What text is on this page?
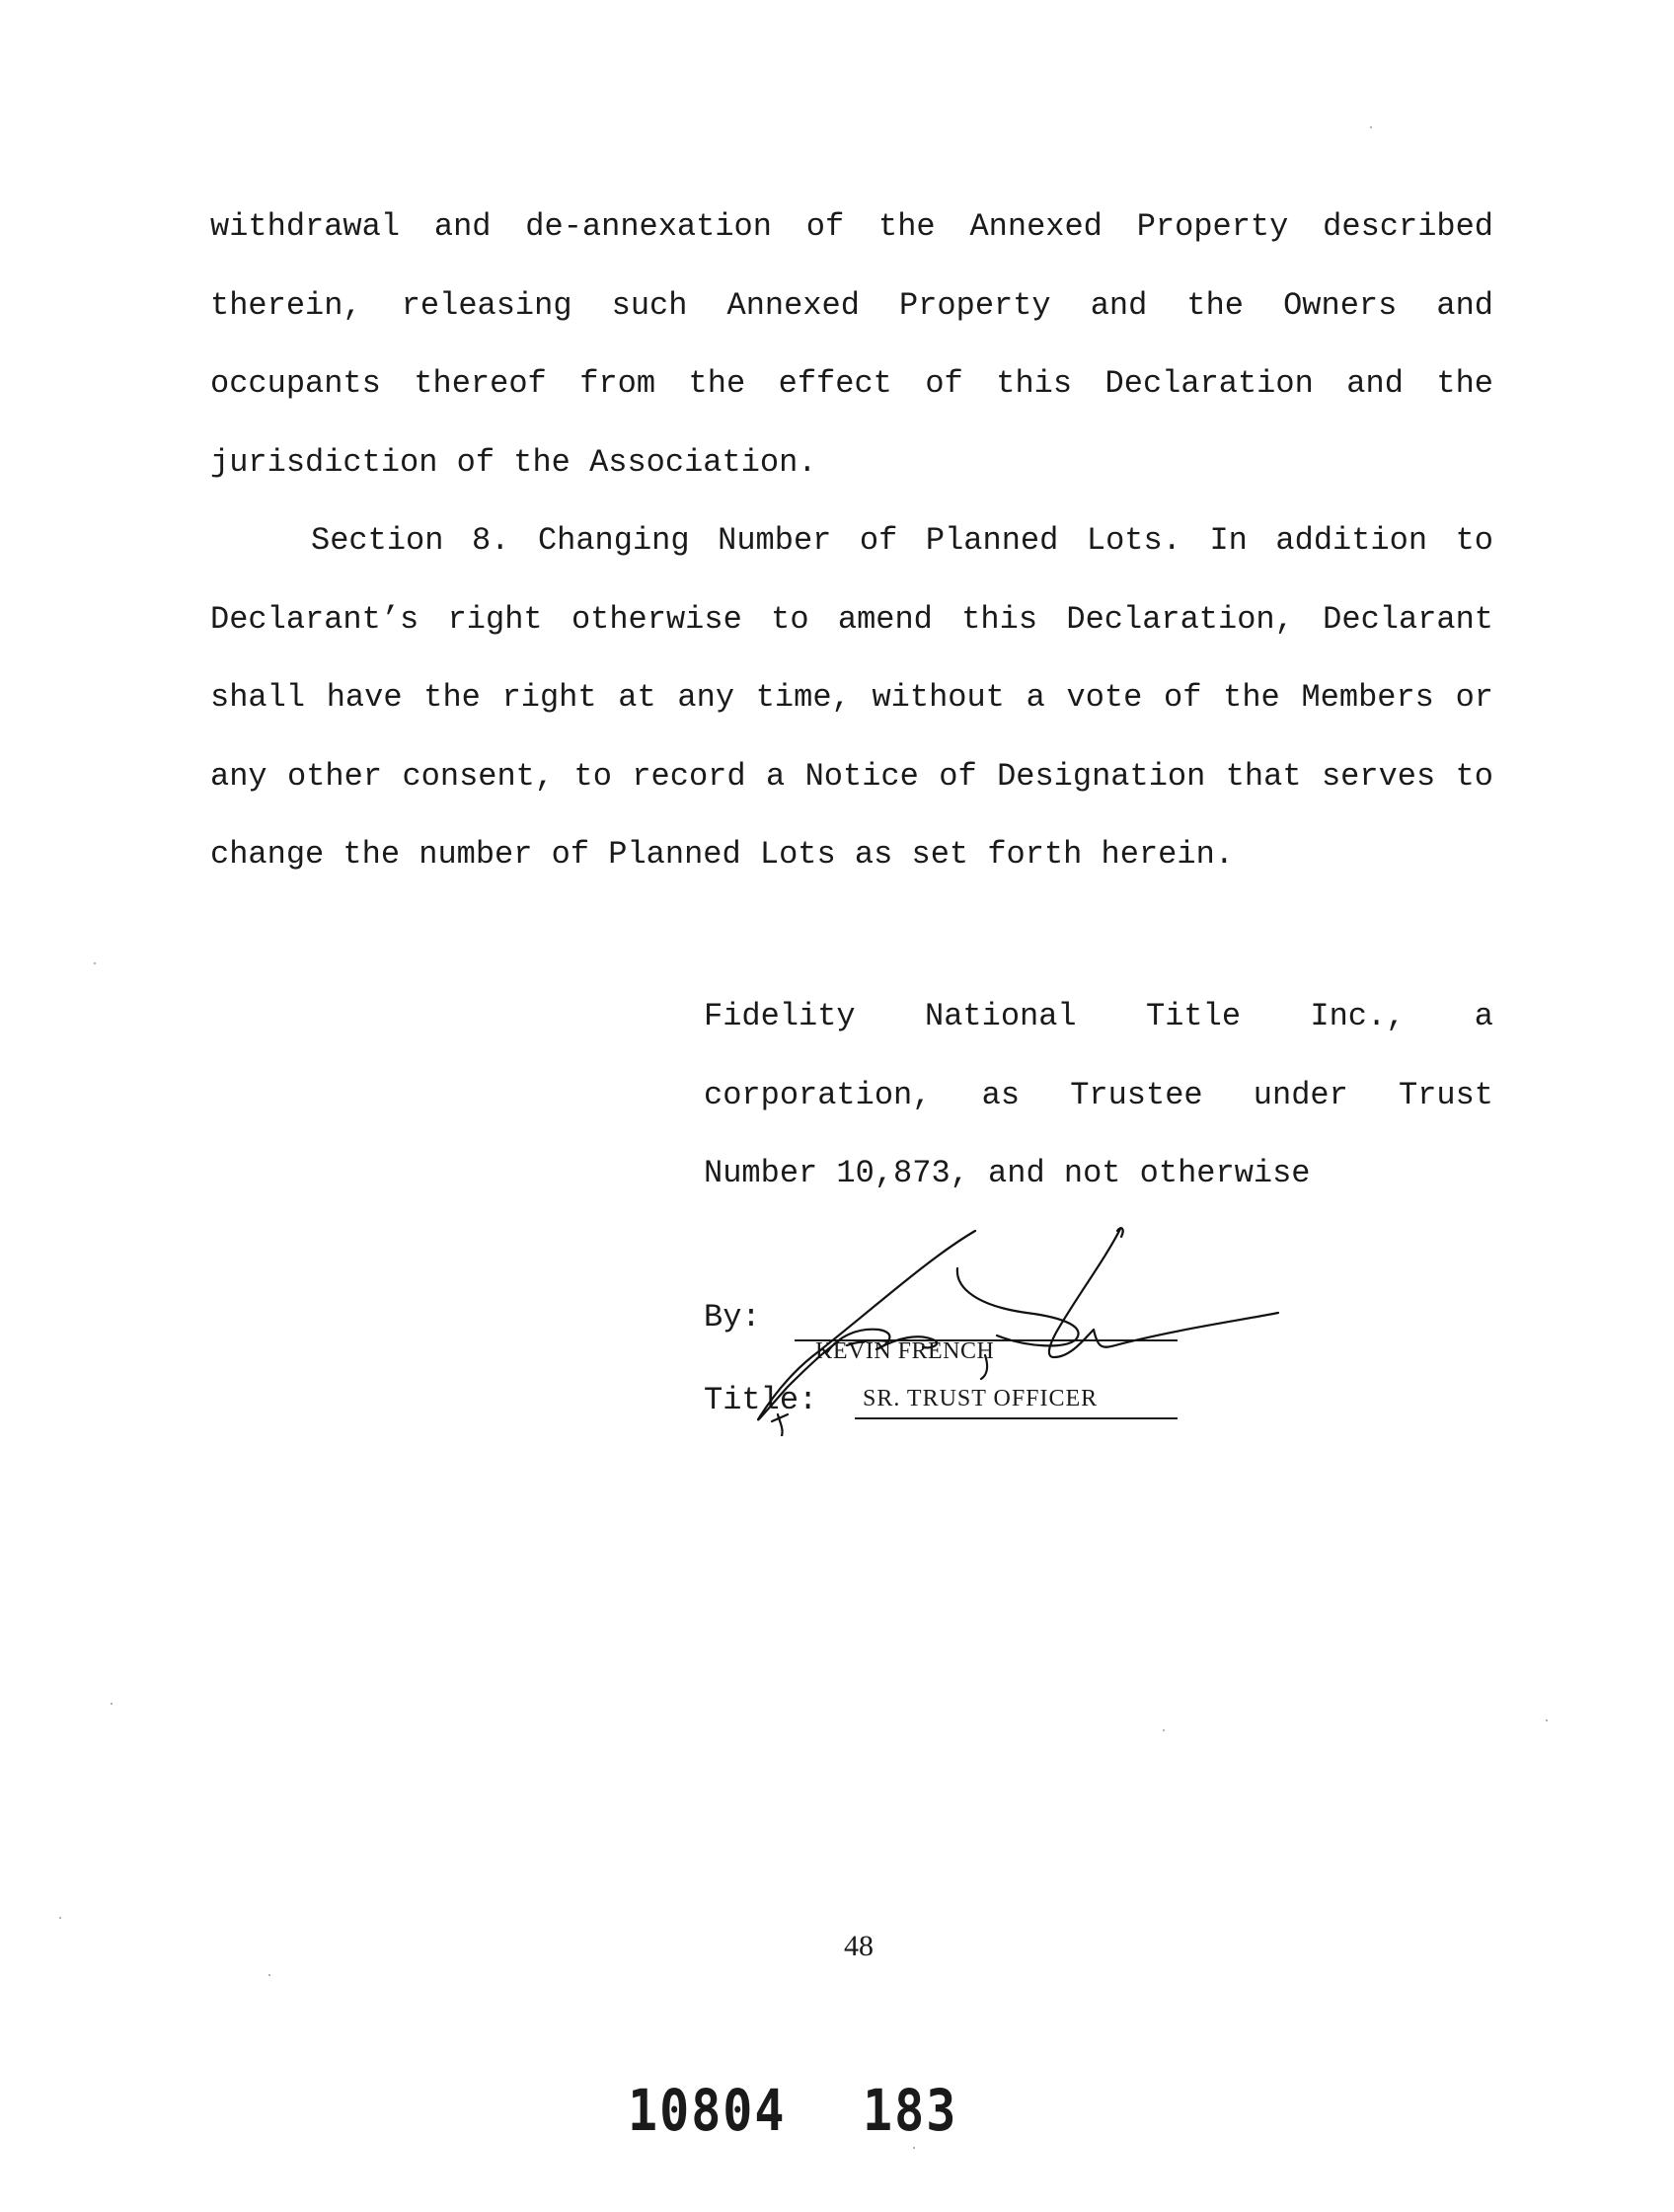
withdrawal and de-annexation of the Annexed Property described therein, releasing such Annexed Property and the Owners and occupants thereof from the effect of this Declaration and the jurisdiction of the Association.

Section 8. Changing Number of Planned Lots. In addition to Declarant’s right otherwise to amend this Declaration, Declarant shall have the right at any time, without a vote of the Members or any other consent, to record a Notice of Designation that serves to change the number of Planned Lots as set forth herein.

Fidelity National Title Inc., a corporation, as Trustee under Trust Number 10,873, and not otherwise

By:
KEVIN FRENCH
Title: SR. TRUST OFFICER
48
10804 183
